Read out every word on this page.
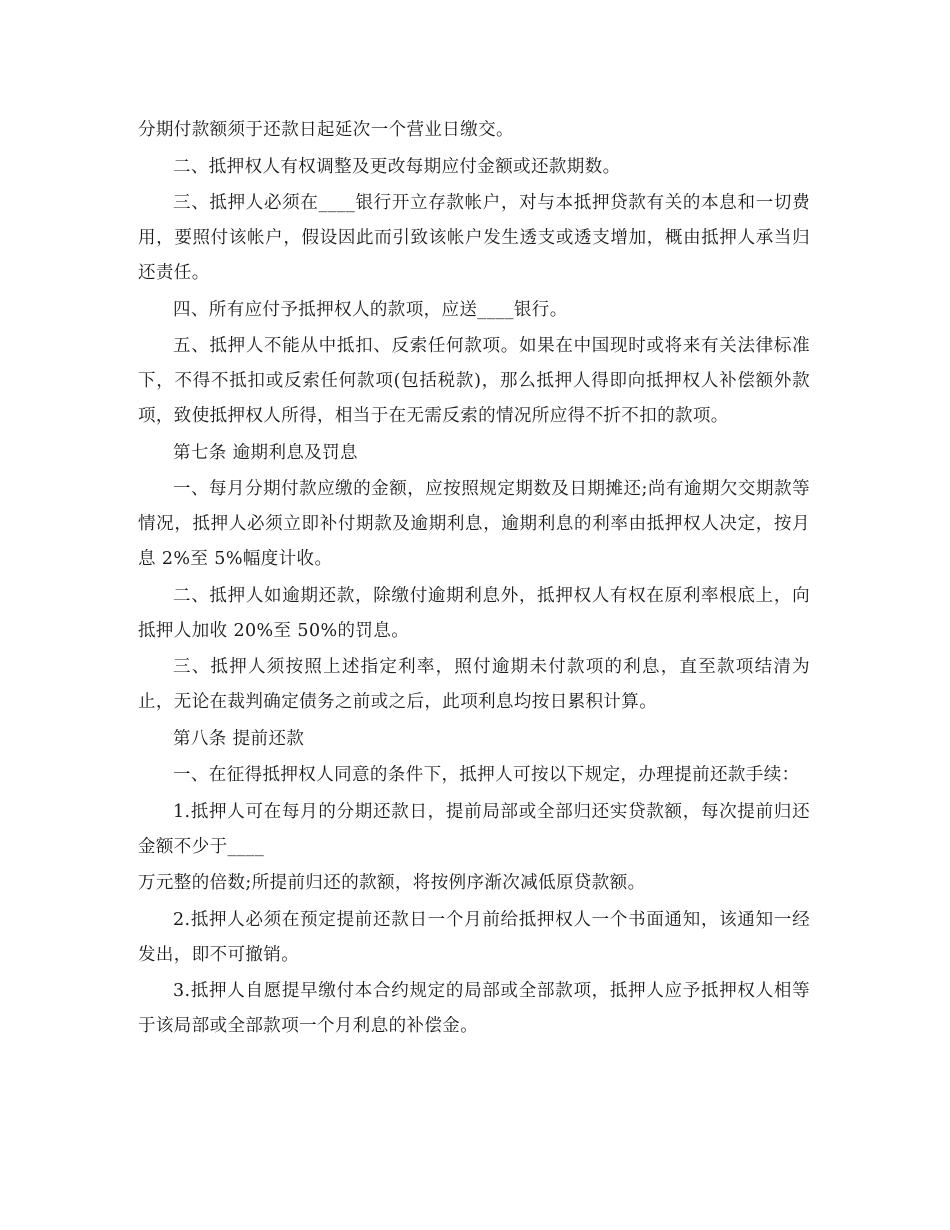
分期付款额须于还款日起延次一个营业日缴交。

二、抵押权人有权调整及更改每期应付金额或还款期数。

三、抵押人必须在____银行开立存款帐户，对与本抵押贷款有关的本息和一切费用，要照付该帐户，假设因此而引致该帐户发生透支或透支增加，概由抵押人承当归还责任。

四、所有应付予抵押权人的款项，应送____银行。

五、抵押人不能从中抵扣、反索任何款项。如果在中国现时或将来有关法律标准下，不得不抵扣或反索任何款项(包括税款)，那么抵押人得即向抵押权人补偿额外款项，致使抵押权人所得，相当于在无需反索的情况所应得不折不扣的款项。

第七条 逾期利息及罚息

一、每月分期付款应缴的金额，应按照规定期数及日期摊还;尚有逾期欠交期款等情况，抵押人必须立即补付期款及逾期利息，逾期利息的利率由抵押权人决定，按月息 2%至 5%幅度计收。

二、抵押人如逾期还款，除缴付逾期利息外，抵押权人有权在原利率根底上，向抵押人加收 20%至 50%的罚息。

三、抵押人须按照上述指定利率，照付逾期未付款项的利息，直至款项结清为止，无论在裁判确定债务之前或之后，此项利息均按日累积计算。

第八条 提前还款

一、在征得抵押权人同意的条件下，抵押人可按以下规定，办理提前还款手续：

1.抵押人可在每月的分期还款日，提前局部或全部归还实贷款额，每次提前归还金额不少于____

万元整的倍数;所提前归还的款额，将按例序渐次减低原贷款额。

2.抵押人必须在预定提前还款日一个月前给抵押权人一个书面通知，该通知一经发出，即不可撤销。

3.抵押人自愿提早缴付本合约规定的局部或全部款项，抵押人应予抵押权人相等于该局部或全部款项一个月利息的补偿金。
